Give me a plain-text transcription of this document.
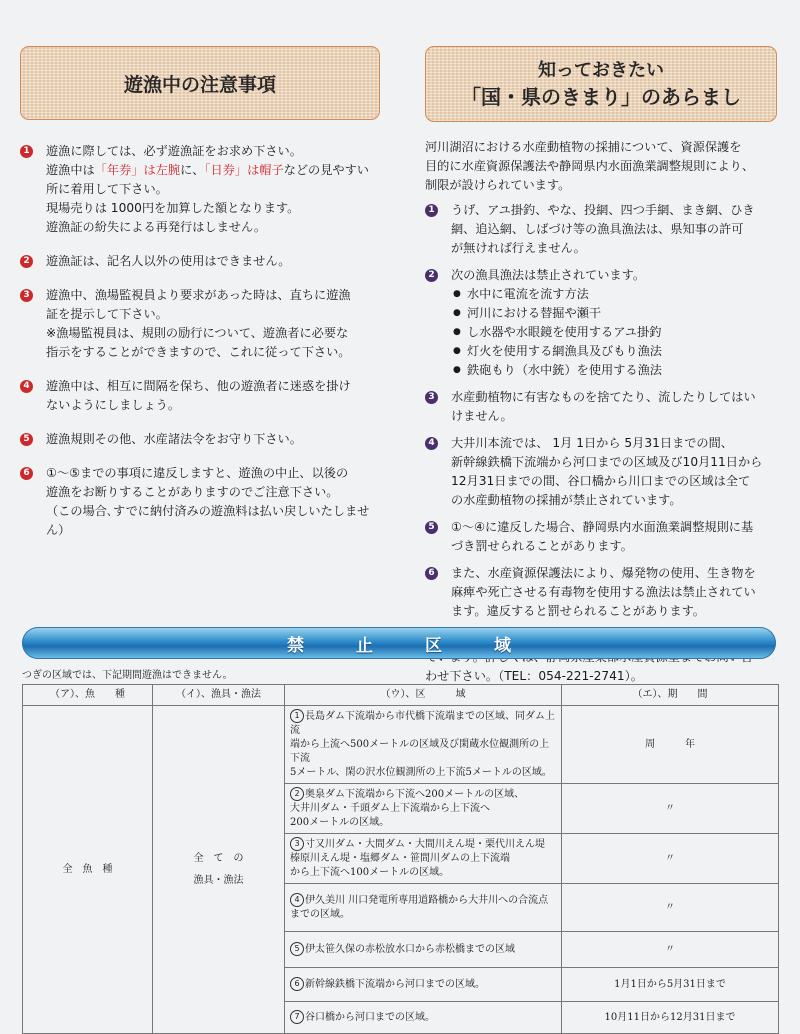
遊漁中の注意事項
知っておきたい
「国・県のきまり」のあらまし
1 遊漁に際しては、必ず遊漁証をお求め下さい。
遊漁中は「年券」は左腕に、「日券」は帽子などの見やすい
所に着用して下さい。
現場売りは 1000円を加算した額となります。
遊漁証の紛失による再発行はしません。
2 遊漁証は、記名人以外の使用はできません。
3 遊漁中、漁場監視員より要求があった時は、直ちに遊漁
証を提示して下さい。
※漁場監視員は、規則の励行について、遊漁者に必要な
指示をすることができますので、これに従って下さい。
4 遊漁中は、相互に間隔を保ち、他の遊漁者に迷惑を掛け
ないようにしましょう。
5 遊漁規則その他、水産諸法令をお守り下さい。
6 ①～⑤までの事項に違反しますと、遊漁の中止、以後の
遊漁をお断りすることがありますのでご注意下さい。
（この場合､すでに納付済みの遊漁料は払い戻しいたしません）
河川湖沼における水産動植物の採捕について、資源保護を
目的に水産資源保護法や静岡県内水面漁業調整規則により、
制限が設けられています。
1 うげ、アユ掛釣、やな、投網、四つ手網、まき網、ひき
網、追込網、しばづけ等の漁具漁法は、県知事の許可
が無ければ行えません。
2 次の漁具漁法は禁止されています。
● 水中に電流を流す方法
● 河川における替掘や瀬干
● し水器や水眼鏡を使用するアユ掛釣
● 灯火を使用する網漁具及びもり漁法
● 鉄砲もり（水中銃）を使用する漁法
3 水産動植物に有害なものを捨てたり、流したりしてはい
けません。
4 大井川本流では、 1月 1日から 5月31日までの間、
新幹線鉄橋下流端から河口までの区域及び10月11日から
12月31日までの間、谷口橋から川口までの区域は全て
の水産動植物の採捕が禁止されています。
5 ①～④に違反した場合、静岡県内水面漁業調整規則に基
づき罰せられることがあります。
6 また、水産資源保護法により、爆発物の使用、生き物を
麻痺や死亡させる有毒物を使用する漁法は禁止されてい
ます。違反すると罰せられることがあります。
わせ下さい。（TEL：054-221-2741）。
禁止区域
つぎの区域では、下記期間遊漁はできません。
（ア）、魚　　種	（イ）、漁具・漁法	（ウ）、区　　　域	（エ）、期　　間
全　魚　種	全　て　の
漁具・漁法	1 長島ダム下流端から市代橋下流端までの区域、同ダム上流
端から上流へ500メートルの区域及び閑蔵水位観測所の上下流
5メートル、閑の沢水位観測所の上下流5メートルの区域。	周　　　年

		2 奥泉ダム下流端から下流へ200メートルの区域、
大井川ダム・千頭ダム上下流端から上下流へ
200メートルの区域。	〃

		3 寸又川ダム・大間ダム・大間川えん堤・栗代川えん堤
榛原川えん堤・塩郷ダム・笹間川ダムの上下流端
から上下流へ100メートルの区域。	〃

		4 伊久美川 川口発電所専用道路橋から大井川への合流点
までの区域。	〃

		5 伊太笹久保の赤松放水口から赤松橋までの区域	〃

		6 新幹線鉄橋下流端から河口までの区域。	1月1日から5月31日まで

		7 谷口橋から河口までの区域。	10月11日から12月31日まで
